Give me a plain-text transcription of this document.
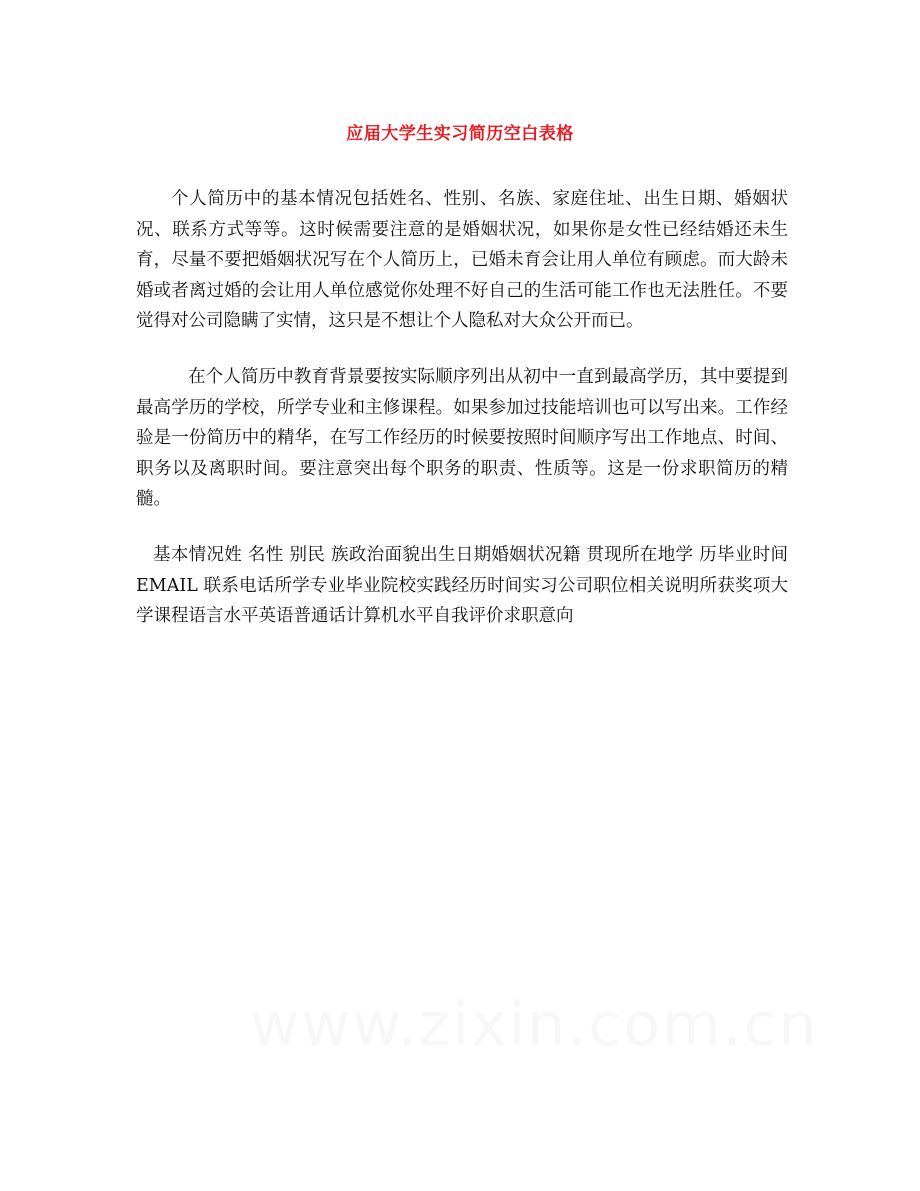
应届大学生实习简历空白表格

个人简历中的基本情况包括姓名、性别、名族、家庭住址、出生日期、婚姻状况、联系方式等等。这时候需要注意的是婚姻状况，如果你是女性已经结婚还未生育，尽量不要把婚姻状况写在个人简历上，已婚未育会让用人单位有顾虑。而大龄未婚或者离过婚的会让用人单位感觉你处理不好自己的生活可能工作也无法胜任。不要觉得对公司隐瞒了实情，这只是不想让个人隐私对大众公开而已。

在个人简历中教育背景要按实际顺序列出从初中一直到最高学历，其中要提到最高学历的学校，所学专业和主修课程。如果参加过技能培训也可以写出来。工作经验是一份简历中的精华，在写工作经历的时候要按照时间顺序写出工作地点、时间、职务以及离职时间。要注意突出每个职务的职责、性质等。这是一份求职简历的精髓。

基本情况姓 名性 别民 族政治面貌出生日期婚姻状况籍 贯现所在地学 历毕业时间 EMAIL 联系电话所学专业毕业院校实践经历时间实习公司职位相关说明所获奖项大学课程语言水平英语普通话计算机水平自我评价求职意向

www.zixin.com.cn
